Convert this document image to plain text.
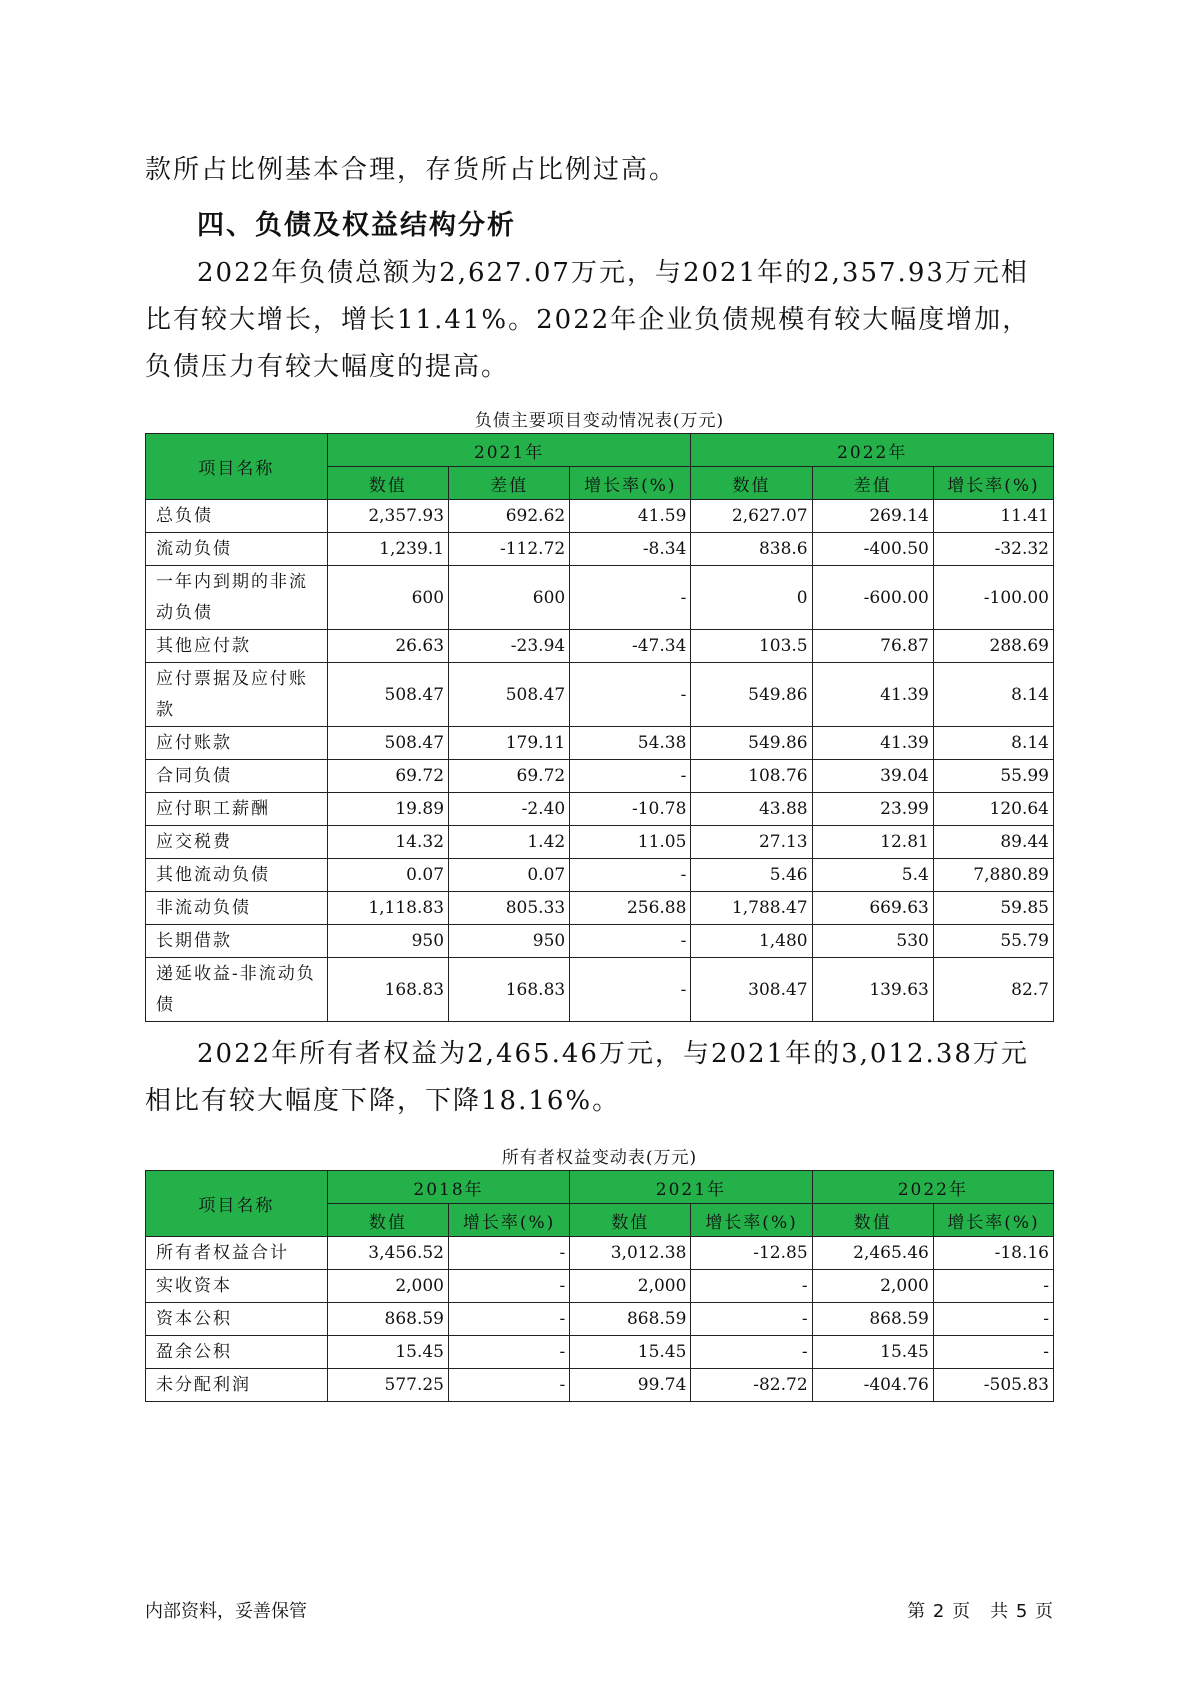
款所占比例基本合理，存货所占比例过高。

四、负债及权益结构分析

2022年负债总额为2,627.07万元，与2021年的2,357.93万元相比有较大增长，增长11.41%。2022年企业负债规模有较大幅度增加，负债压力有较大幅度的提高。

负债主要项目变动情况表(万元)

项目名称	2021年			2022年		
	数值	差值	增长率(%)	数值	差值	增长率(%)
总负债	2,357.93	692.62	41.59	2,627.07	269.14	11.41
流动负债	1,239.1	-112.72	-8.34	838.6	-400.50	-32.32
一年内到期的非流动负债	600	600	-	0	-600.00	-100.00
其他应付款	26.63	-23.94	-47.34	103.5	76.87	288.69
应付票据及应付账款	508.47	508.47	-	549.86	41.39	8.14
应付账款	508.47	179.11	54.38	549.86	41.39	8.14
合同负债	69.72	69.72	-	108.76	39.04	55.99
应付职工薪酬	19.89	-2.40	-10.78	43.88	23.99	120.64
应交税费	14.32	1.42	11.05	27.13	12.81	89.44
其他流动负债	0.07	0.07	-	5.46	5.4	7,880.89
非流动负债	1,118.83	805.33	256.88	1,788.47	669.63	59.85
长期借款	950	950	-	1,480	530	55.79
递延收益-非流动负债	168.83	168.83	-	308.47	139.63	82.7

2022年所有者权益为2,465.46万元，与2021年的3,012.38万元相比有较大幅度下降，下降18.16%。

所有者权益变动表(万元)

项目名称	2018年		2021年		2022年	
	数值	增长率(%)	数值	增长率(%)	数值	增长率(%)
所有者权益合计	3,456.52	-	3,012.38	-12.85	2,465.46	-18.16
实收资本	2,000	-	2,000	-	2,000	-
资本公积	868.59	-	868.59	-	868.59	-
盈余公积	15.45	-	15.45	-	15.45	-
未分配利润	577.25	-	99.74	-82.72	-404.76	-505.83

内部资料，妥善保管	第 2 页　共 5 页
